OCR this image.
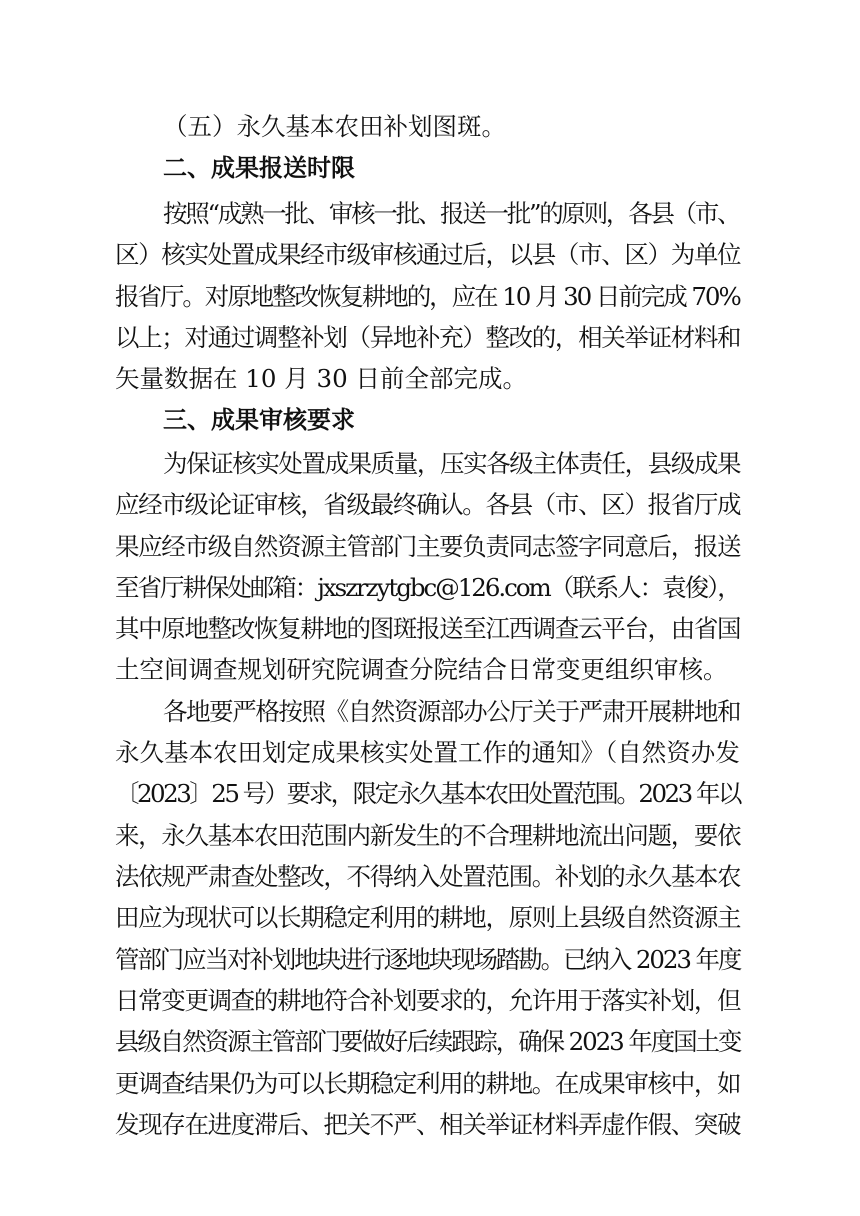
（五）永久基本农田补划图斑。
二、成果报送时限
按照“成熟一批、审核一批、报送一批”的原则，各县（市、
区）核实处置成果经市级审核通过后，以县（市、区）为单位
报省厅。对原地整改恢复耕地的，应在 10 月 30 日前完成 70%
以上；对通过调整补划（异地补充）整改的，相关举证材料和
矢量数据在 10 月 30 日前全部完成。
三、成果审核要求
为保证核实处置成果质量，压实各级主体责任，县级成果
应经市级论证审核，省级最终确认。各县（市、区）报省厅成
果应经市级自然资源主管部门主要负责同志签字同意后，报送
至省厅耕保处邮箱：jxszrzytgbc@126.com（联系人：袁俊），
其中原地整改恢复耕地的图斑报送至江西调查云平台，由省国
土空间调查规划研究院调查分院结合日常变更组织审核。
各地要严格按照《自然资源部办公厅关于严肃开展耕地和
永久基本农田划定成果核实处置工作的通知》（自然资办发
〔2023〕25 号）要求，限定永久基本农田处置范围。2023 年以
来，永久基本农田范围内新发生的不合理耕地流出问题，要依
法依规严肃查处整改，不得纳入处置范围。补划的永久基本农
田应为现状可以长期稳定利用的耕地，原则上县级自然资源主
管部门应当对补划地块进行逐地块现场踏勘。已纳入 2023 年度
日常变更调查的耕地符合补划要求的，允许用于落实补划，但
县级自然资源主管部门要做好后续跟踪，确保 2023 年度国土变
更调查结果仍为可以长期稳定利用的耕地。在成果审核中，如
发现存在进度滞后、把关不严、相关举证材料弄虚作假、突破
